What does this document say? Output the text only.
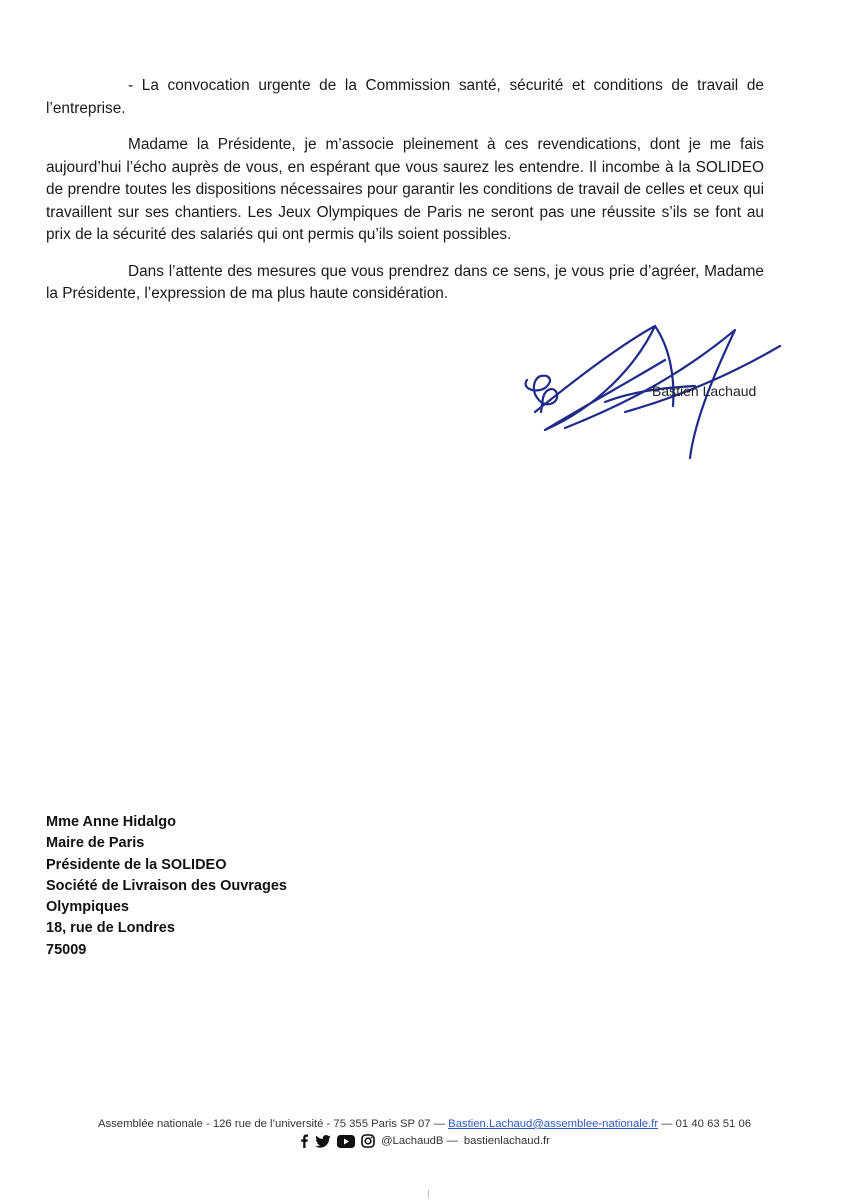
- La convocation urgente de la Commission santé, sécurité et conditions de travail de l’entreprise.

Madame la Présidente, je m’associe pleinement à ces revendications, dont je me fais aujourd’hui l’écho auprès de vous, en espérant que vous saurez les entendre. Il incombe à la SOLIDEO de prendre toutes les dispositions nécessaires pour garantir les conditions de travail de celles et ceux qui travaillent sur ses chantiers. Les Jeux Olympiques de Paris ne seront pas une réussite s’ils se font au prix de la sécurité des salariés qui ont permis qu’ils soient possibles.

Dans l’attente des mesures que vous prendrez dans ce sens, je vous prie d’agréer, Madame la Présidente, l’expression de ma plus haute considération.

Bastien Lachaud
Mme Anne Hidalgo
Maire de Paris
Présidente de la SOLIDEO
Société de Livraison des Ouvrages
Olympiques
18, rue de Londres
75009
Assemblée nationale - 126 rue de l’université - 75 355 Paris SP 07 — Bastien.Lachaud@assemblee-nationale.fr — 01 40 63 51 06
@LachaudB — bastienlachaud.fr
